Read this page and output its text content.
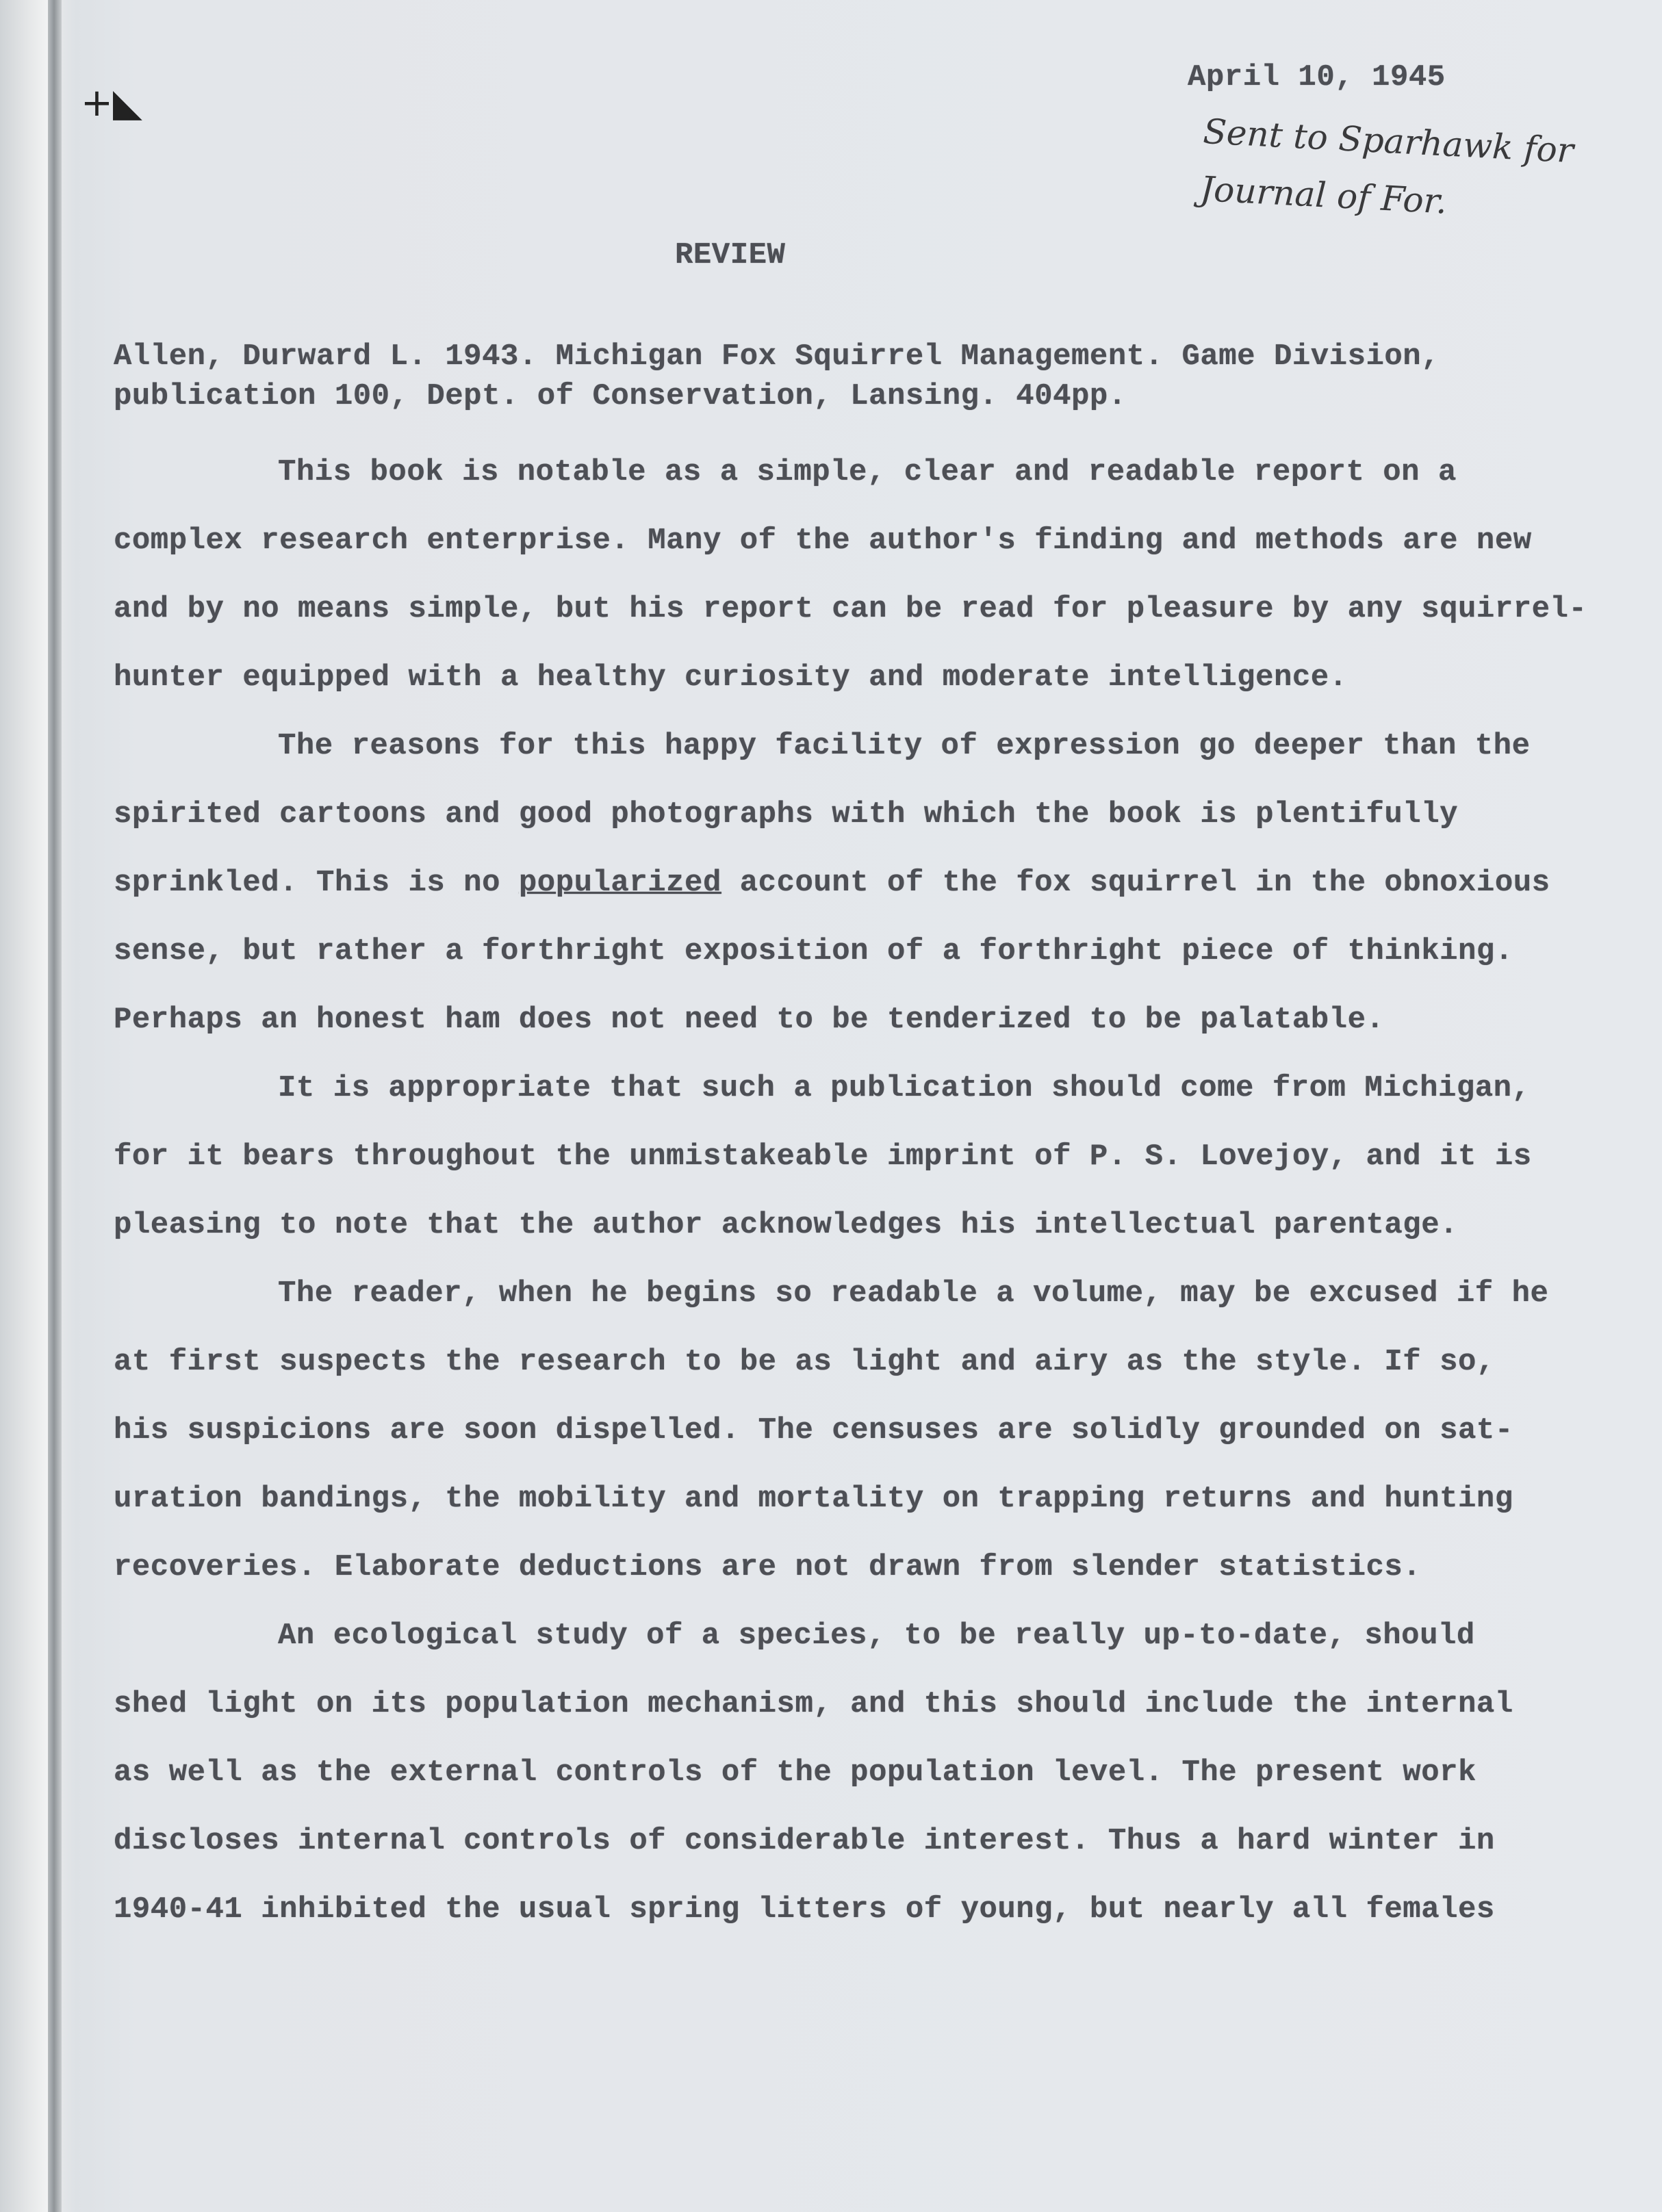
+◣
April 10, 1945
Sent to Sparhawk for
Journal of For.
REVIEW
Allen, Durward L. 1943. Michigan Fox Squirrel Management. Game Division,
publication 100, Dept. of Conservation, Lansing. 404pp.
This book is notable as a simple, clear and readable report on a
complex research enterprise. Many of the author's finding and methods are new
and by no means simple, but his report can be read for pleasure by any squirrel-
hunter equipped with a healthy curiosity and moderate intelligence.
The reasons for this happy facility of expression go deeper than the
spirited cartoons and good photographs with which the book is plentifully
sprinkled. This is no popularized account of the fox squirrel in the obnoxious
sense, but rather a forthright exposition of a forthright piece of thinking.
Perhaps an honest ham does not need to be tenderized to be palatable.
It is appropriate that such a publication should come from Michigan,
for it bears throughout the unmistakeable imprint of P. S. Lovejoy, and it is
pleasing to note that the author acknowledges his intellectual parentage.
The reader, when he begins so readable a volume, may be excused if he
at first suspects the research to be as light and airy as the style. If so,
his suspicions are soon dispelled. The censuses are solidly grounded on sat-
uration bandings, the mobility and mortality on trapping returns and hunting
recoveries. Elaborate deductions are not drawn from slender statistics.
An ecological study of a species, to be really up-to-date, should
shed light on its population mechanism, and this should include the internal
as well as the external controls of the population level. The present work
discloses internal controls of considerable interest. Thus a hard winter in
1940-41 inhibited the usual spring litters of young, but nearly all females
